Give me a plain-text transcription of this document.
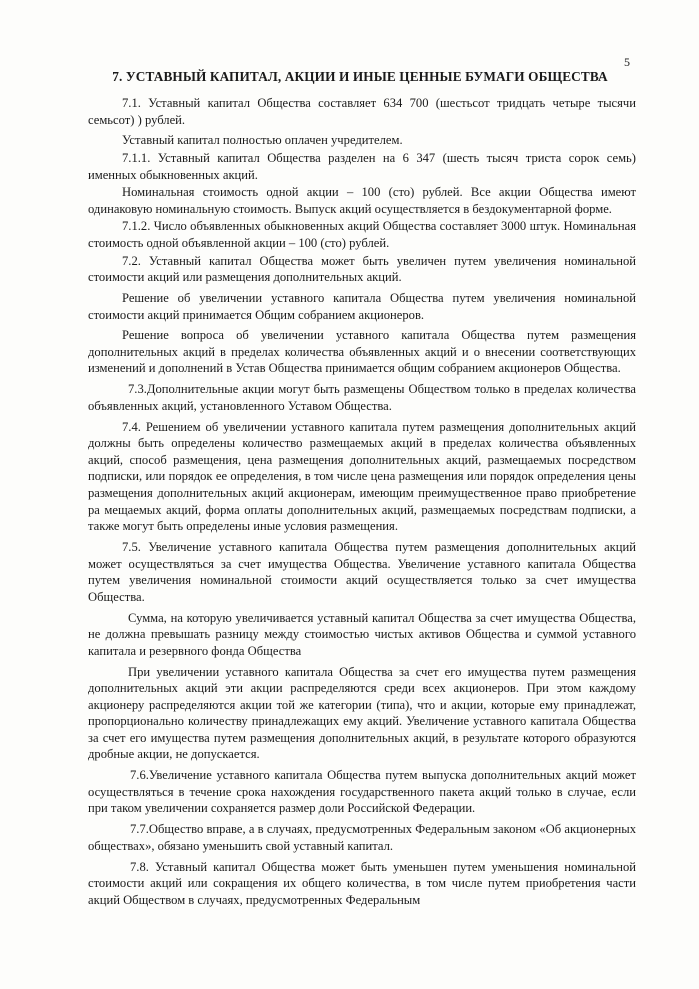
5
7. УСТАВНЫЙ КАПИТАЛ, АКЦИИ И ИНЫЕ ЦЕННЫЕ БУМАГИ ОБЩЕСТВА

7.1. Уставный капитал Общества составляет 634 700 (шестьсот тридцать четыре тысячи семьсот) ) рублей.

Уставный капитал полностью оплачен учредителем.

7.1.1. Уставный капитал Общества разделен на 6 347 (шесть тысяч триста сорок семь) именных обыкновенных акций.

Номинальная стоимость одной акции – 100 (сто) рублей. Все акции Общества имеют одинаковую номинальную стоимость. Выпуск акций осуществляется в бездокументарной форме.

7.1.2. Число объявленных обыкновенных акций Общества составляет 3000 штук. Номинальная стоимость одной объявленной акции – 100 (сто) рублей.

7.2. Уставный капитал Общества может быть увеличен путем увеличения номинальной стоимости акций или размещения дополнительных акций.

Решение об увеличении уставного капитала Общества путем увеличения номинальной стоимости акций принимается Общим собранием акционеров.

Решение вопроса об увеличении уставного капитала Общества путем размещения дополнительных акций в пределах количества объявленных акций и о внесении соответствующих изменений и дополнений в Устав Общества принимается общим собранием акционеров Общества.

7.3.Дополнительные акции могут быть размещены Обществом только в пределах количества объявленных акций, установленного Уставом Общества.

7.4. Решением об увеличении уставного капитала путем размещения дополнительных акций должны быть определены количество размещаемых акций в пределах количества объявленных акций, способ размещения, цена размещения дополнительных акций, размещаемых посредством подписки, или порядок ее определения, в том числе цена размещения или порядок определения цены размещения дополнительных акций акционерам, имеющим преимущественное право приобретение ра мещаемых акций, форма оплаты дополнительных акций, размещаемых посредствам подписки, а также могут быть определены иные условия размещения.

7.5. Увеличение уставного капитала Общества путем размещения дополнительных акций может осуществляться за счет имущества Общества. Увеличение уставного капитала Общества путем увеличения номинальной стоимости акций осуществляется только за счет имущества Общества.

Сумма, на которую увеличивается уставный капитал Общества за счет имущества Общества, не должна превышать разницу между стоимостью чистых активов Общества и суммой уставного капитала и резервного фонда Общества

При увеличении уставного капитала Общества за счет его имущества путем размещения дополнительных акций эти акции распределяются среди всех акционеров. При этом каждому акционеру распределяются акции той же категории (типа), что и акции, которые ему принадлежат, пропорционально количеству принадлежащих ему акций. Увеличение уставного капитала Общества за счет его имущества путем размещения дополнительных акций, в результате которого образуются дробные акции, не допускается.

7.6.Увеличение уставного капитала Общества путем выпуска дополнительных акций может осуществляться в течение срока нахождения государственного пакета акций только в случае, если при таком увеличении сохраняется размер доли Российской Федерации.

7.7.Общество вправе, а в случаях, предусмотренных Федеральным законом «Об акционерных обществах», обязано уменьшить свой уставный капитал.

7.8. Уставный капитал Общества может быть уменьшен путем уменьшения номинальной стоимости акций или сокращения их общего количества, в том числе путем приобретения части акций Обществом в случаях, предусмотренных Федеральным
